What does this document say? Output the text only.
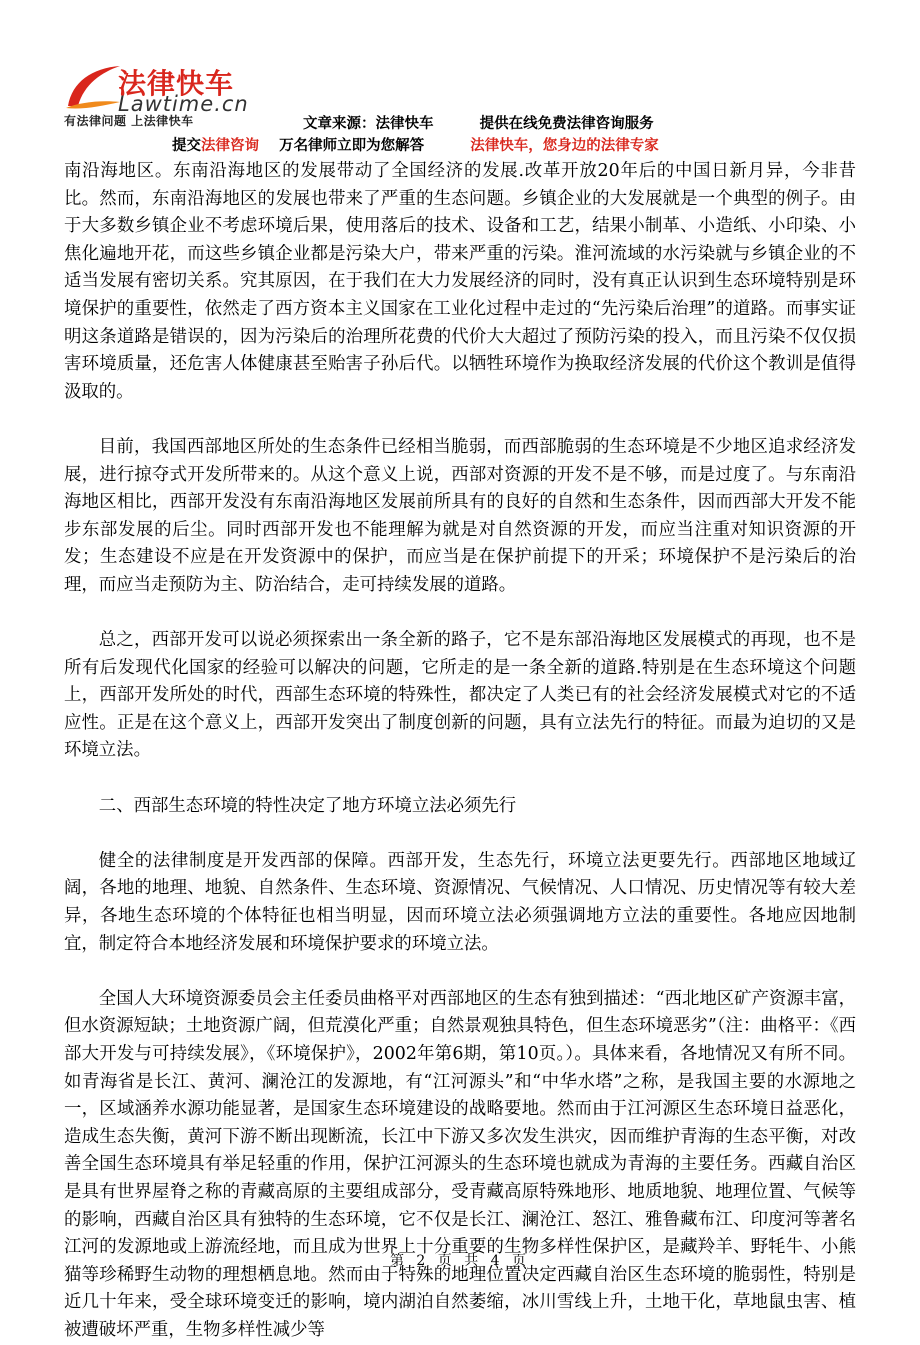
法律快车
Lawtime.cn
有法律问题 上法律快车	文章来源：法律快车	提供在线免费法律咨询服务
提交法律咨询 万名律师立即为您解答	法律快车，您身边的法律专家

南沿海地区。东南沿海地区的发展带动了全国经济的发展.改革开放20年后的中国日新月异，今非昔比。然而，东南沿海地区的发展也带来了严重的生态问题。乡镇企业的大发展就是一个典型的例子。由于大多数乡镇企业不考虑环境后果，使用落后的技术、设备和工艺，结果小制革、小造纸、小印染、小焦化遍地开花，而这些乡镇企业都是污染大户，带来严重的污染。淮河流域的水污染就与乡镇企业的不适当发展有密切关系。究其原因，在于我们在大力发展经济的同时，没有真正认识到生态环境特别是环境保护的重要性，依然走了西方资本主义国家在工业化过程中走过的“先污染后治理”的道路。而事实证明这条道路是错误的，因为污染后的治理所花费的代价大大超过了预防污染的投入，而且污染不仅仅损害环境质量，还危害人体健康甚至贻害子孙后代。以牺牲环境作为换取经济发展的代价这个教训是值得汲取的。

目前，我国西部地区所处的生态条件已经相当脆弱，而西部脆弱的生态环境是不少地区追求经济发展，进行掠夺式开发所带来的。从这个意义上说，西部对资源的开发不是不够，而是过度了。与东南沿海地区相比，西部开发没有东南沿海地区发展前所具有的良好的自然和生态条件，因而西部大开发不能步东部发展的后尘。同时西部开发也不能理解为就是对自然资源的开发，而应当注重对知识资源的开发；生态建设不应是在开发资源中的保护，而应当是在保护前提下的开采；环境保护不是污染后的治理，而应当走预防为主、防治结合，走可持续发展的道路。

总之，西部开发可以说必须探索出一条全新的路子，它不是东部沿海地区发展模式的再现，也不是所有后发现代化国家的经验可以解决的问题，它所走的是一条全新的道路.特别是在生态环境这个问题上，西部开发所处的时代，西部生态环境的特殊性，都决定了人类已有的社会经济发展模式对它的不适应性。正是在这个意义上，西部开发突出了制度创新的问题，具有立法先行的特征。而最为迫切的又是环境立法。

二、西部生态环境的特性决定了地方环境立法必须先行

健全的法律制度是开发西部的保障。西部开发，生态先行，环境立法更要先行。西部地区地域辽阔，各地的地理、地貌、自然条件、生态环境、资源情况、气候情况、人口情况、历史情况等有较大差异，各地生态环境的个体特征也相当明显，因而环境立法必须强调地方立法的重要性。各地应因地制宜，制定符合本地经济发展和环境保护要求的环境立法。

全国人大环境资源委员会主任委员曲格平对西部地区的生态有独到描述：“西北地区矿产资源丰富，但水资源短缺；土地资源广阔，但荒漠化严重；自然景观独具特色，但生态环境恶劣”（注：曲格平：《西部大开发与可持续发展》，《环境保护》，2002年第6期，第10页。）。具体来看，各地情况又有所不同。如青海省是长江、黄河、澜沧江的发源地，有“江河源头”和“中华水塔”之称，是我国主要的水源地之一，区域涵养水源功能显著，是国家生态环境建设的战略要地。然而由于江河源区生态环境日益恶化，造成生态失衡，黄河下游不断出现断流，长江中下游又多次发生洪灾，因而维护青海的生态平衡，对改善全国生态环境具有举足轻重的作用，保护江河源头的生态环境也就成为青海的主要任务。西藏自治区是具有世界屋脊之称的青藏高原的主要组成部分，受青藏高原特殊地形、地质地貌、地理位置、气候等的影响，西藏自治区具有独特的生态环境，它不仅是长江、澜沧江、怒江、雅鲁藏布江、印度河等著名江河的发源地或上游流经地，而且成为世界上十分重要的生物多样性保护区，是藏羚羊、野牦牛、小熊猫等珍稀野生动物的理想栖息地。然而由于特殊的地理位置决定西藏自治区生态环境的脆弱性，特别是近几十年来，受全球环境变迁的影响，境内湖泊自然萎缩，冰川雪线上升，土地干化，草地鼠虫害、植被遭破坏严重，生物多样性减少等

第 2 页 共 4 页
